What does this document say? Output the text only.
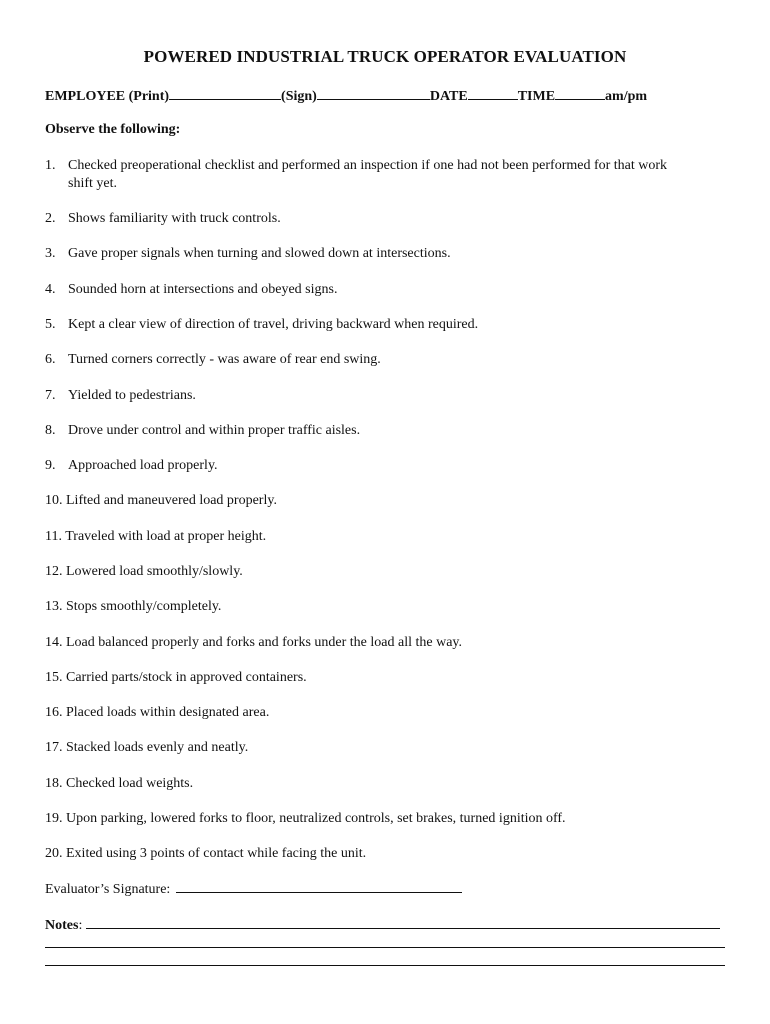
POWERED INDUSTRIAL TRUCK OPERATOR EVALUATION
EMPLOYEE (Print)	(Sign)	DATE	TIME	am/pm
Observe the following:
1. Checked preoperational checklist and performed an inspection if one had not been performed for that work
shift yet.
2. Shows familiarity with truck controls.
3. Gave proper signals when turning and slowed down at intersections.
4. Sounded horn at intersections and obeyed signs.
5. Kept a clear view of direction of travel, driving backward when required.
6. Turned corners correctly - was aware of rear end swing.
7. Yielded to pedestrians.
8. Drove under control and within proper traffic aisles.
9. Approached load properly.
10. Lifted and maneuvered load properly.
11. Traveled with load at proper height.
12. Lowered load smoothly/slowly.
13. Stops smoothly/completely.
14. Load balanced properly and forks and forks under the load all the way.
15. Carried parts/stock in approved containers.
16. Placed loads within designated area.
17. Stacked loads evenly and neatly.
18. Checked load weights.
19. Upon parking, lowered forks to floor, neutralized controls, set brakes, turned ignition off.
20. Exited using 3 points of contact while facing the unit.
Evaluator’s Signature:
Notes:
